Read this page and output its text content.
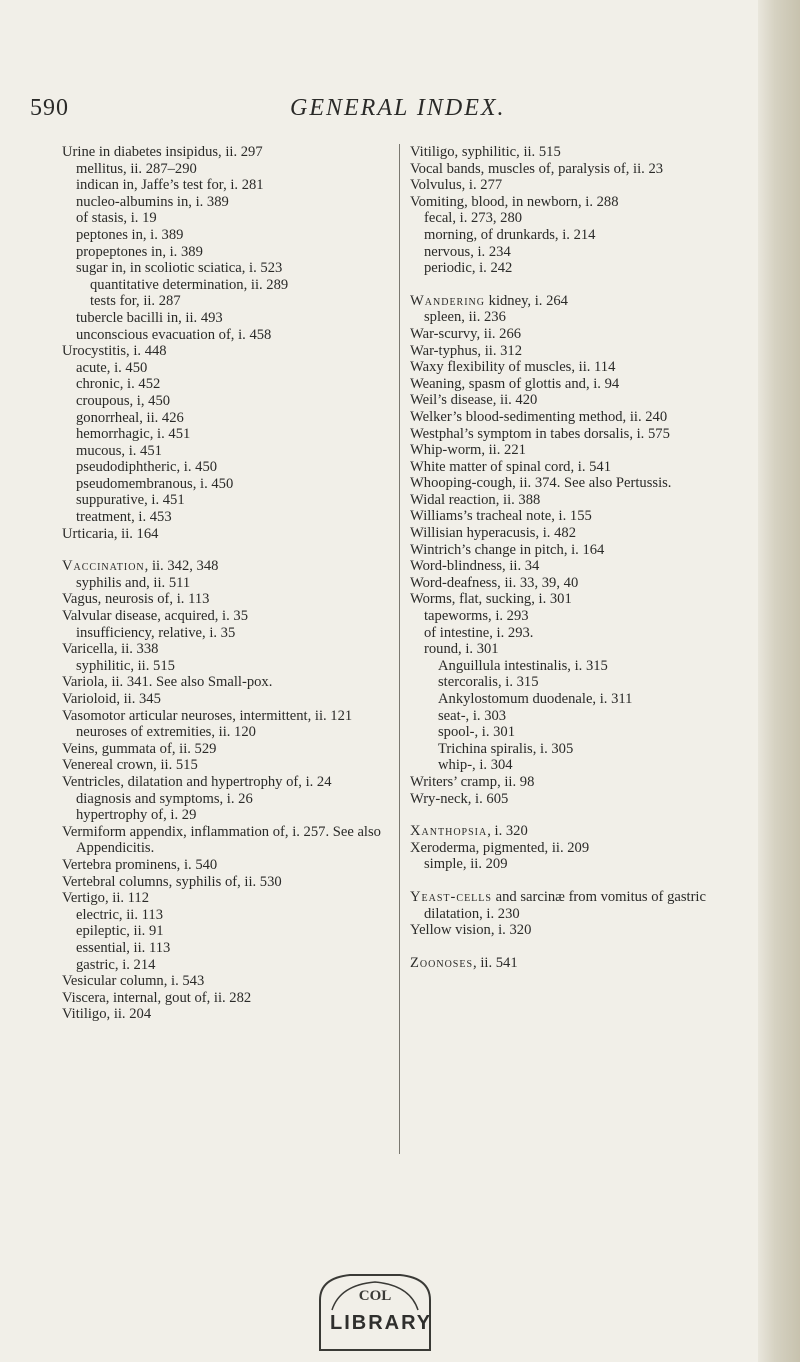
590	GENERAL INDEX.
Urine in diabetes insipidus, ii. 297
mellitus, ii. 287–290
indican in, Jaffe’s test for, i. 281
nucleo-albumins in, i. 389
of stasis, i. 19
peptones in, i. 389
propeptones in, i. 389
sugar in, in scoliotic sciatica, i. 523
quantitative determination, ii. 289
tests for, ii. 287
tubercle bacilli in, ii. 493
unconscious evacuation of, i. 458
Urocystitis, i. 448
acute, i. 450
chronic, i. 452
croupous, i, 450
gonorrheal, ii. 426
hemorrhagic, i. 451
mucous, i. 451
pseudodiphtheric, i. 450
pseudomembranous, i. 450
suppurative, i. 451
treatment, i. 453
Urticaria, ii. 164
Vaccination, ii. 342, 348
syphilis and, ii. 511
Vagus, neurosis of, i. 113
Valvular disease, acquired, i. 35
insufficiency, relative, i. 35
Varicella, ii. 338
syphilitic, ii. 515
Variola, ii. 341. See also Small-pox.
Varioloid, ii. 345
Vasomotor articular neuroses, intermittent, ii. 121
neuroses of extremities, ii. 120
Veins, gummata of, ii. 529
Venereal crown, ii. 515
Ventricles, dilatation and hypertrophy of, i. 24
diagnosis and symptoms, i. 26
hypertrophy of, i. 29
Vermiform appendix, inflammation of, i. 257. See also Appendicitis.
Vertebra prominens, i. 540
Vertebral columns, syphilis of, ii. 530
Vertigo, ii. 112
electric, ii. 113
epileptic, ii. 91
essential, ii. 113
gastric, i. 214
Vesicular column, i. 543
Viscera, internal, gout of, ii. 282
Vitiligo, ii. 204
Vitiligo, syphilitic, ii. 515
Vocal bands, muscles of, paralysis of, ii. 23
Volvulus, i. 277
Vomiting, blood, in newborn, i. 288
fecal, i. 273, 280
morning, of drunkards, i. 214
nervous, i. 234
periodic, i. 242
Wandering kidney, i. 264
spleen, ii. 236
War-scurvy, ii. 266
War-typhus, ii. 312
Waxy flexibility of muscles, ii. 114
Weaning, spasm of glottis and, i. 94
Weil’s disease, ii. 420
Welker’s blood-sedimenting method, ii. 240
Westphal’s symptom in tabes dorsalis, i. 575
Whip-worm, ii. 221
White matter of spinal cord, i. 541
Whooping-cough, ii. 374. See also Pertussis.
Widal reaction, ii. 388
Williams’s tracheal note, i. 155
Willisian hyperacusis, i. 482
Wintrich’s change in pitch, i. 164
Word-blindness, ii. 34
Word-deafness, ii. 33, 39, 40
Worms, flat, sucking, i. 301
tapeworms, i. 293
of intestine, i. 293.
round, i. 301
Anguillula intestinalis, i. 315
stercoralis, i. 315
Ankylostomum duodenale, i. 311
seat-, i. 303
spool-, i. 301
Trichina spiralis, i. 305
whip-, i. 304
Writers’ cramp, ii. 98
Wry-neck, i. 605
Xanthopsia, i. 320
Xeroderma, pigmented, ii. 209
simple, ii. 209
Yeast-cells and sarcinæ from vomitus of gastric dilatation, i. 230
Yellow vision, i. 320
Zoonoses, ii. 541
COL
LIBRARY
